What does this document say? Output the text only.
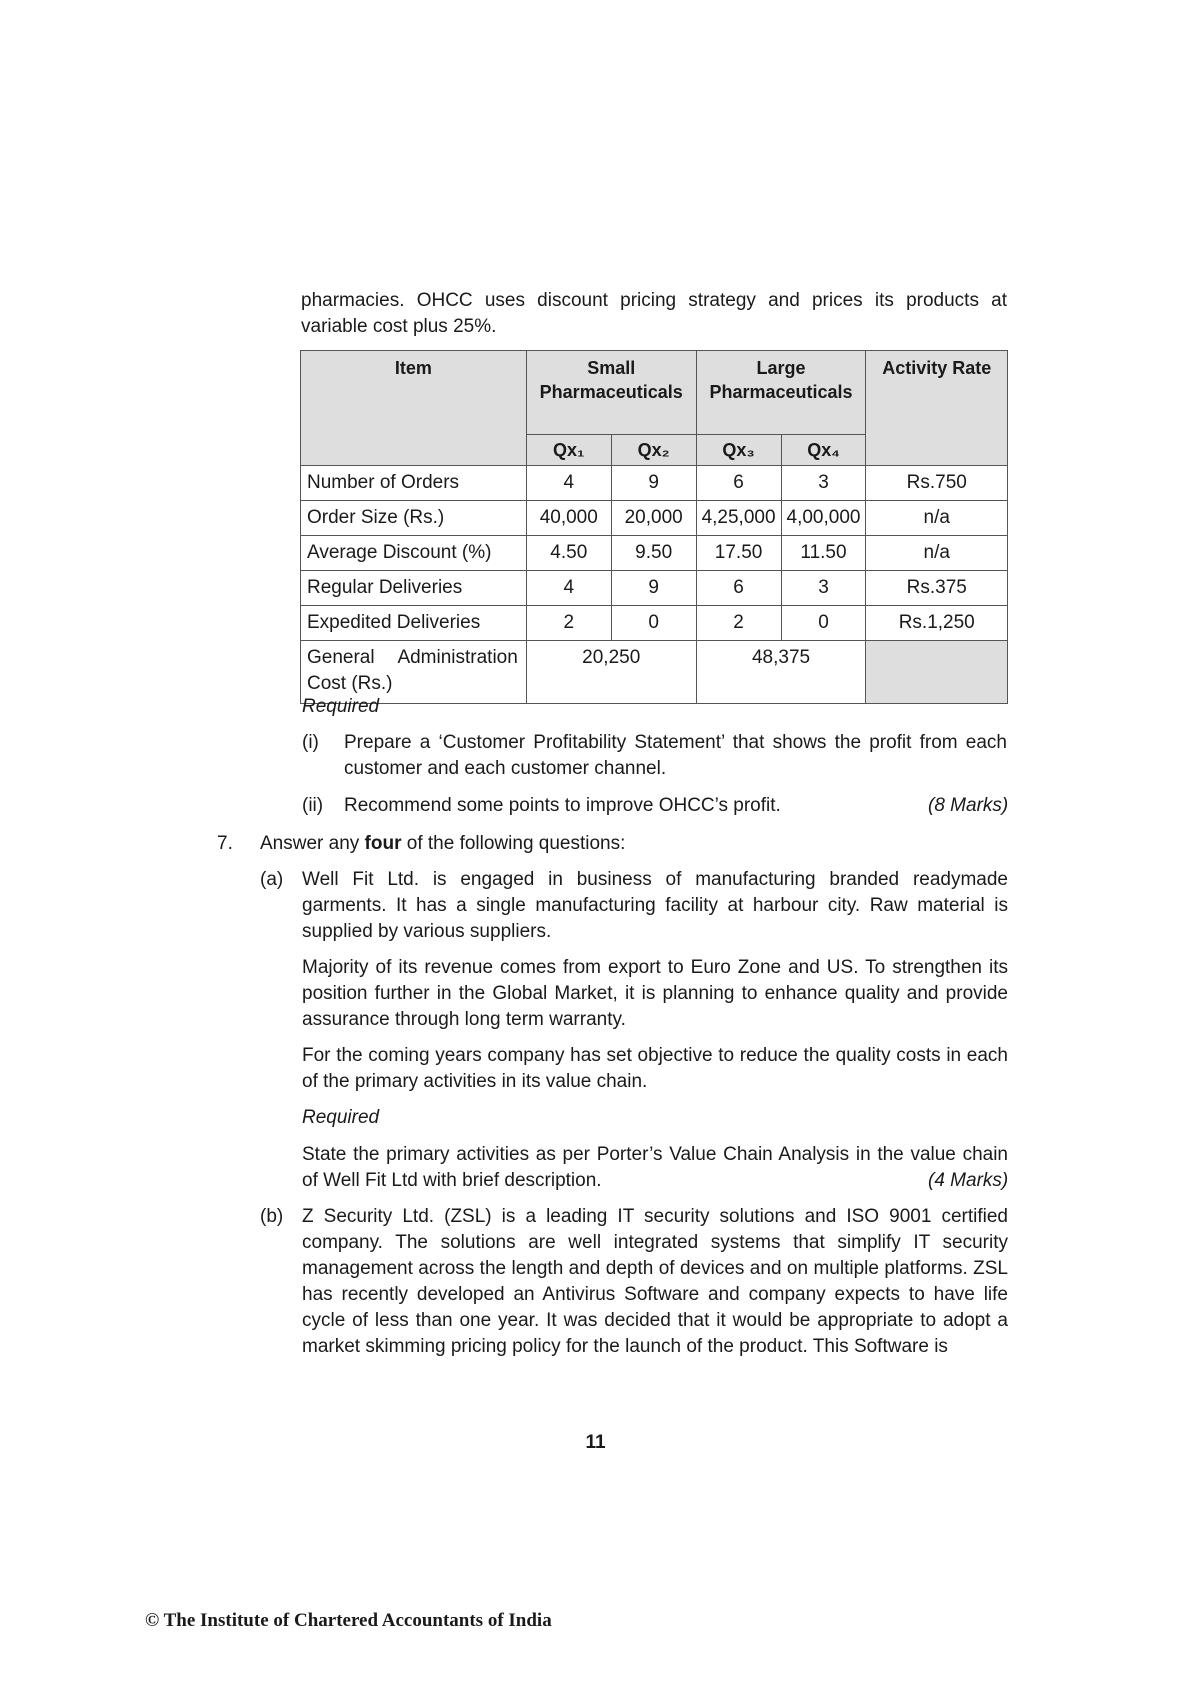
pharmacies. OHCC uses discount pricing strategy and prices its products at variable cost plus 25%.
Item	Small Pharmaceuticals		Large Pharmaceuticals		Activity Rate
	Qx₁	Qx₂	Qx₃	Qx₄	
Number of Orders	4	9	6	3	Rs.750
Order Size (Rs.)	40,000	20,000	4,25,000	4,00,000	n/a
Average Discount (%)	4.50	9.50	17.50	11.50	n/a
Regular Deliveries	4	9	6	3	Rs.375
Expedited Deliveries	2	0	2	0	Rs.1,250

General Administration
Cost (Rs.)	20,250		48,375		
Required
(i) Prepare a ‘Customer Profitability Statement’ that shows the profit from each customer and each customer channel.
(ii) Recommend some points to improve OHCC’s profit.	(8 Marks)
7. Answer any four of the following questions:
(a) Well Fit Ltd. is engaged in business of manufacturing branded readymade garments. It has a single manufacturing facility at harbour city. Raw material is supplied by various suppliers.
Majority of its revenue comes from export to Euro Zone and US. To strengthen its position further in the Global Market, it is planning to enhance quality and provide assurance through long term warranty.
For the coming years company has set objective to reduce the quality costs in each of the primary activities in its value chain.
Required
State the primary activities as per Porter’s Value Chain Analysis in the value chain of Well Fit Ltd with brief description.	(4 Marks)
(b) Z Security Ltd. (ZSL) is a leading IT security solutions and ISO 9001 certified company. The solutions are well integrated systems that simplify IT security management across the length and depth of devices and on multiple platforms. ZSL has recently developed an Antivirus Software and company expects to have life cycle of less than one year. It was decided that it would be appropriate to adopt a market skimming pricing policy for the launch of the product. This Software is
11
© The Institute of Chartered Accountants of India
